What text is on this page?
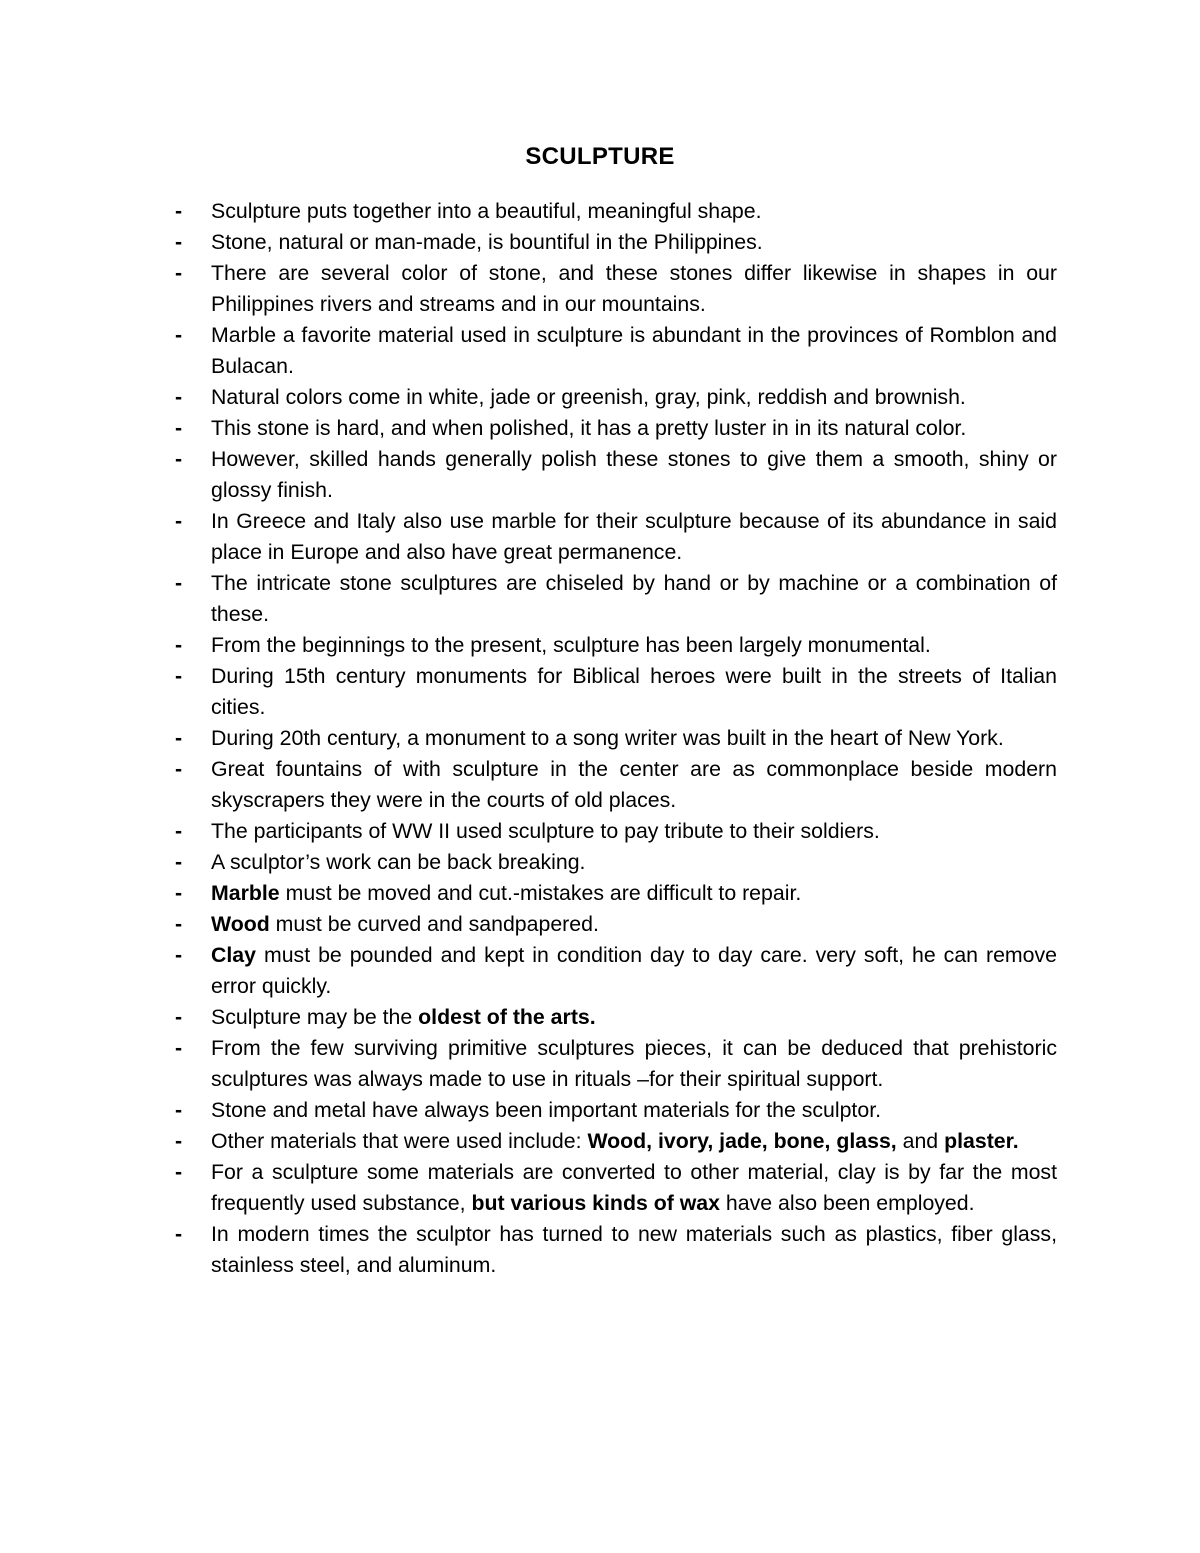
SCULPTURE
- Sculpture puts together into a beautiful, meaningful shape.
- Stone, natural or man-made, is bountiful in the Philippines.
- There are several color of stone, and these stones differ likewise in shapes in our Philippines rivers and streams and in our mountains.
- Marble a favorite material used in sculpture is abundant in the provinces of Romblon and Bulacan.
- Natural colors come in white, jade or greenish, gray, pink, reddish and brownish.
- This stone is hard, and when polished, it has a pretty luster in in its natural color.
- However, skilled hands generally polish these stones to give them a smooth, shiny or glossy finish.
- In Greece and Italy also use marble for their sculpture because of its abundance in said place in Europe and also have great permanence.
- The intricate stone sculptures are chiseled by hand or by machine or a combination of these.
- From the beginnings to the present, sculpture has been largely monumental.
- During 15th century monuments for Biblical heroes were built in the streets of Italian cities.
- During 20th century, a monument to a song writer was built in the heart of New York.
- Great fountains of with sculpture in the center are as commonplace beside modern skyscrapers they were in the courts of old places.
- The participants of WW II used sculpture to pay tribute to their soldiers.
- A sculptor’s work can be back breaking.
- Marble must be moved and cut.-mistakes are difficult to repair.
- Wood must be curved and sandpapered.
- Clay must be pounded and kept in condition day to day care. very soft, he can remove error quickly.
- Sculpture may be the oldest of the arts.
- From the few surviving primitive sculptures pieces, it can be deduced that prehistoric sculptures was always made to use in rituals –for their spiritual support.
- Stone and metal have always been important materials for the sculptor.
- Other materials that were used include: Wood, ivory, jade, bone, glass, and plaster.
- For a sculpture some materials are converted to other material, clay is by far the most frequently used substance, but various kinds of wax have also been employed.
- In modern times the sculptor has turned to new materials such as plastics, fiber glass, stainless steel, and aluminum.
